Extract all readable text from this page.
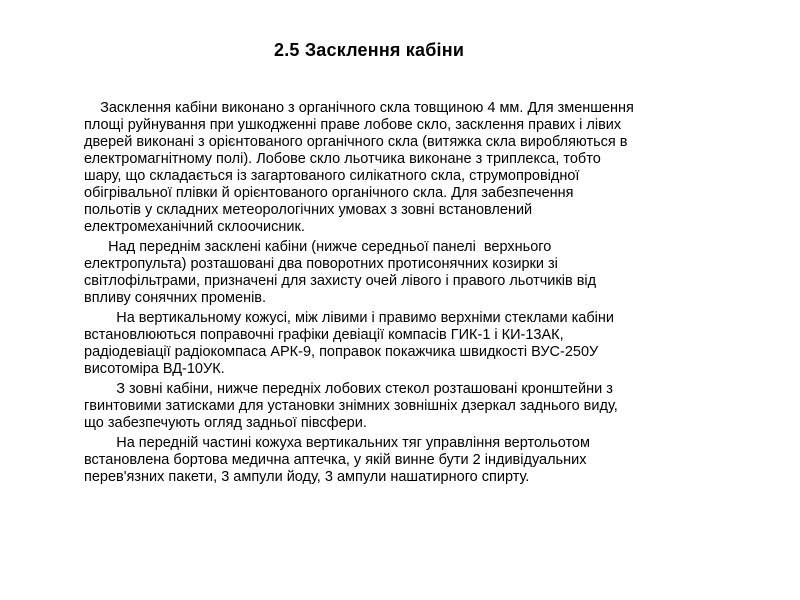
2.5 Засклення кабіни

Засклення кабіни виконано з органічного скла товщиною 4 мм. Для зменшення
площі руйнування при ушкодженні праве лобове скло, засклення правих і лівих
дверей виконані з орієнтованого органічного скла (витяжка скла виробляються в
електромагнітному полі). Лобове скло льотчика виконане з триплекса, тобто
шару, що складається із загартованого силікатного скла, струмопровідної
обігрівальної плівки й орієнтованого органічного скла. Для забезпечення
польотів у складних метеорологічних умовах з зовні встановлений
електромеханічний склоочисник.

Над переднім засклені кабіни (нижче середньої панелі  верхнього
електропульта) розташовані два поворотних протисонячних козирки зі
світлофільтрами, призначені для захисту очей лівого і правого льотчиків від
впливу сонячних променів.

На вертикальному кожусі, між лівими і правимо верхніми стеклами кабіни
встановлюються поправочні графіки девіації компасів ГИК-1 і КИ-13АК,
радіодевіації радіокомпаса АРК-9, поправок покажчика швидкості ВУС-250У
висотоміра ВД-10УК.

З зовні кабіни, нижче передніх лобових стекол розташовані кронштейни з
гвинтовими затисками для установки знімних зовнішніх дзеркал заднього виду,
що забезпечують огляд задньої півсфери.

На передній частині кожуха вертикальних тяг управління вертольотом
встановлена бортова медична аптечка, у якій винне бути 2 індивідуальних
перев'язних пакети, 3 ампули йоду, 3 ампули нашатирного спирту.
